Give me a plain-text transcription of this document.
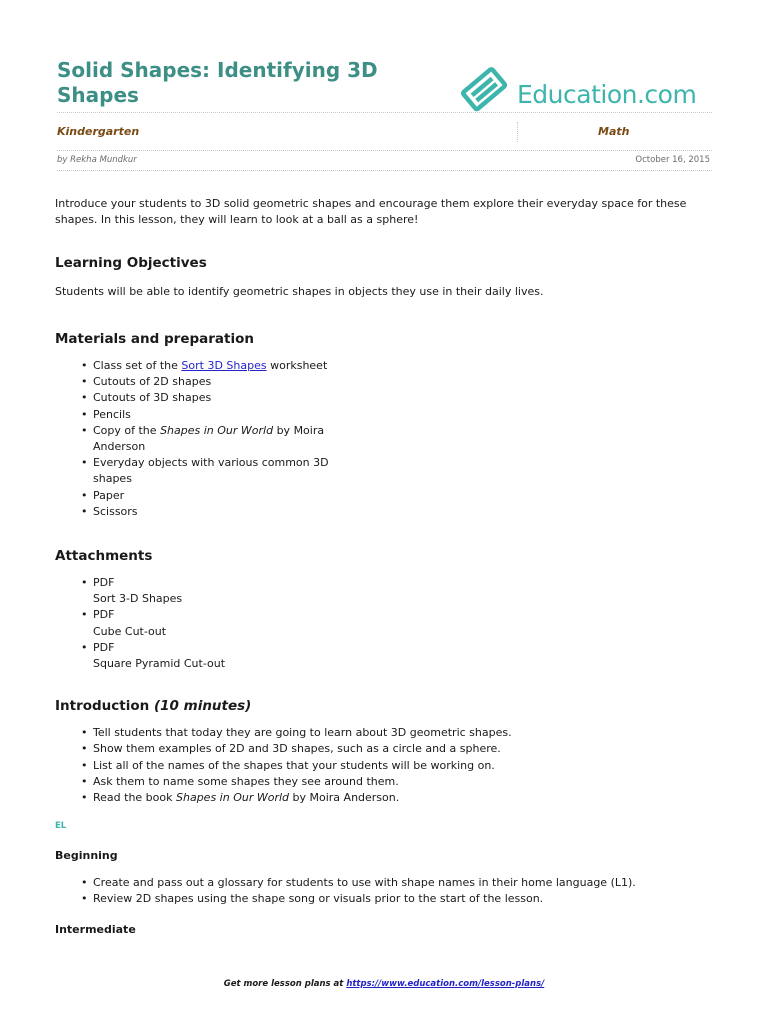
Solid Shapes: Identifying 3D Shapes	Education.com
Kindergarten	Math
by Rekha Mundkur	October 16, 2015

Introduce your students to 3D solid geometric shapes and encourage them explore their everyday space for these shapes. In this lesson, they will learn to look at a ball as a sphere!

Learning Objectives

Students will be able to identify geometric shapes in objects they use in their daily lives.

Materials and preparation
• Class set of the Sort 3D Shapes worksheet
• Cutouts of 2D shapes
• Cutouts of 3D shapes
• Pencils
• Copy of the Shapes in Our World by Moira
Anderson
• Everyday objects with various common 3D
shapes
• Paper
• Scissors
Attachments
• PDF
Sort 3-D Shapes
• PDF
Cube Cut-out
• PDF
Square Pyramid Cut-out
Introduction (10 minutes)
• Tell students that today they are going to learn about 3D geometric shapes.
• Show them examples of 2D and 3D shapes, such as a circle and a sphere.
• List all of the names of the shapes that your students will be working on.
• Ask them to name some shapes they see around them.
• Read the book Shapes in Our World by Moira Anderson.
EL
Beginning
• Create and pass out a glossary for students to use with shape names in their home language (L1).
• Review 2D shapes using the shape song or visuals prior to the start of the lesson.
Intermediate
Get more lesson plans at https://www.education.com/lesson-plans/
